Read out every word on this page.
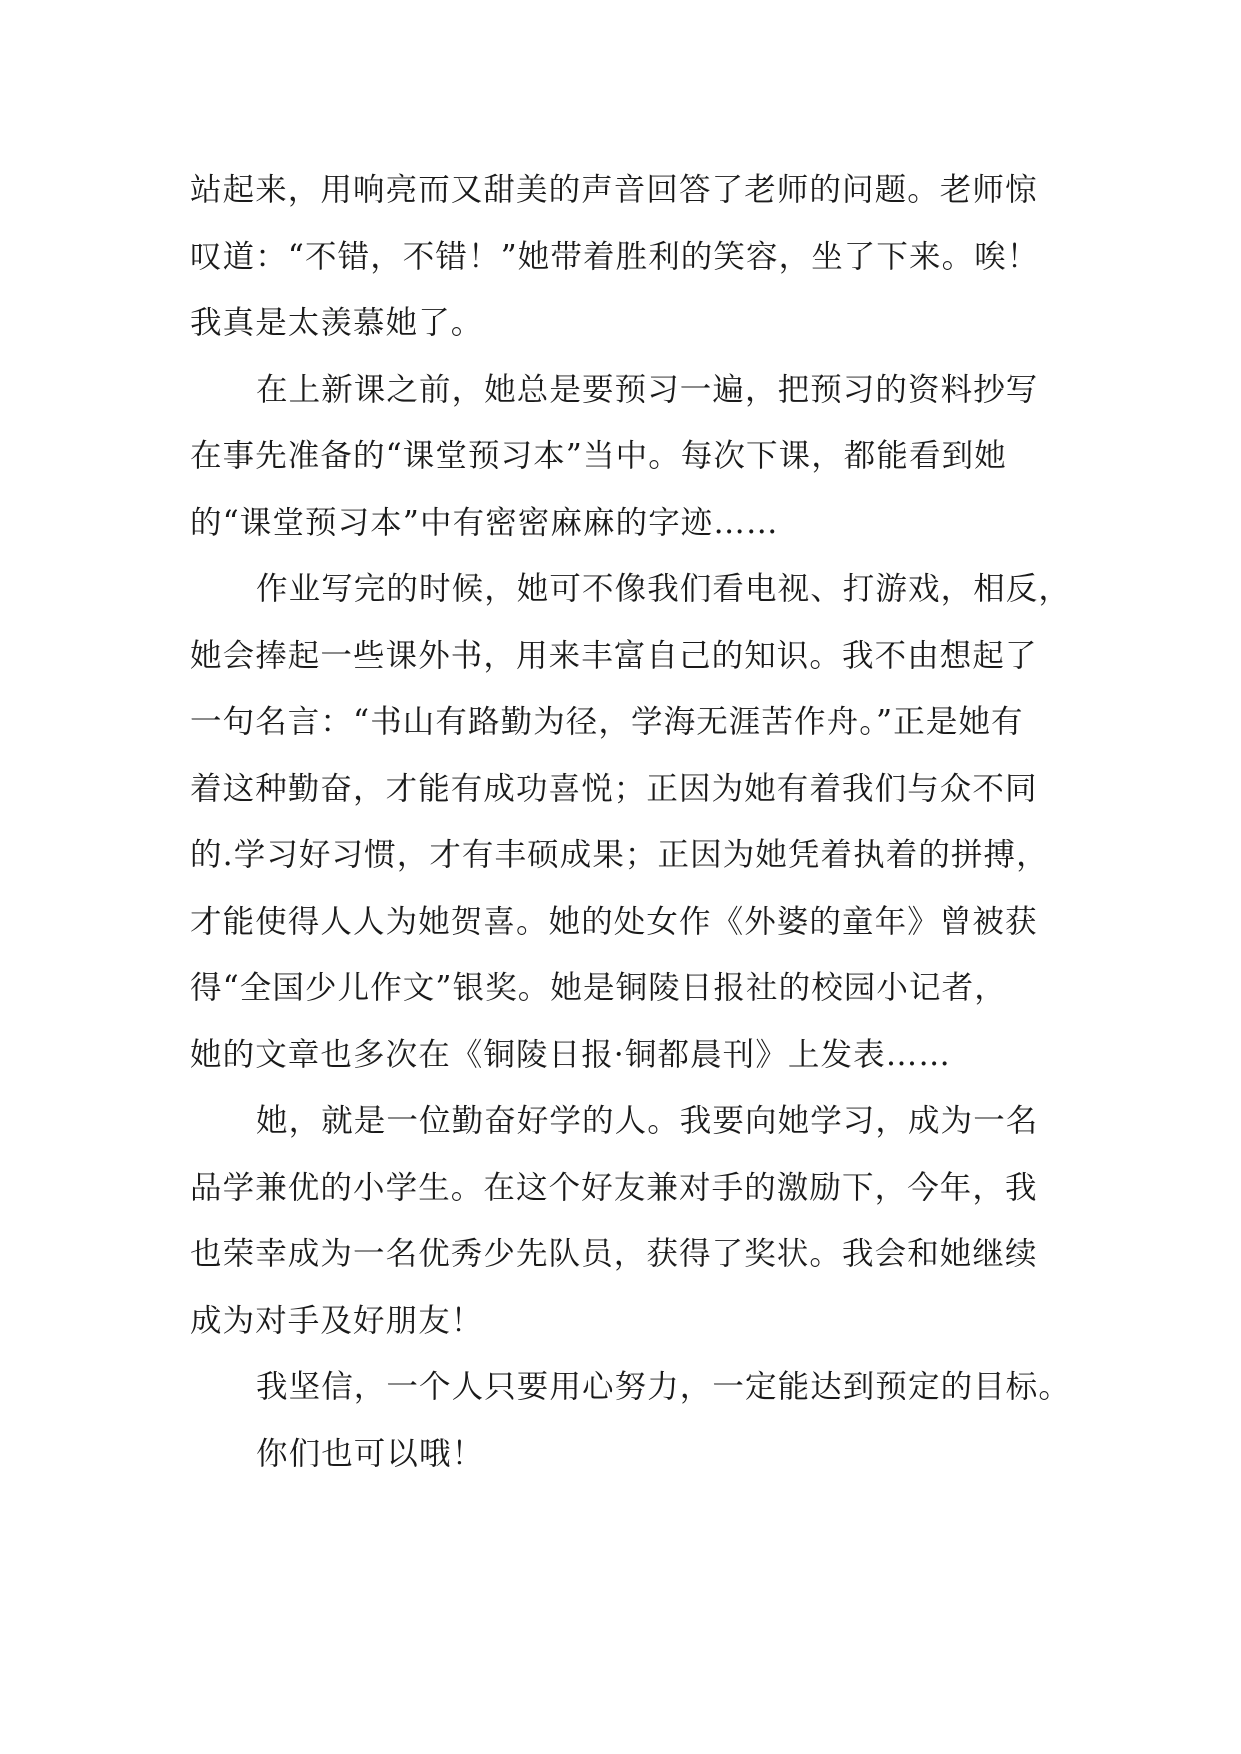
站起来，用响亮而又甜美的声音回答了老师的问题。老师惊
叹道：“不错，不错！”她带着胜利的笑容，坐了下来。唉！
我真是太羡慕她了。
在上新课之前，她总是要预习一遍，把预习的资料抄写
在事先准备的“课堂预习本”当中。每次下课，都能看到她
的“课堂预习本”中有密密麻麻的字迹……
作业写完的时候，她可不像我们看电视、打游戏，相反，
她会捧起一些课外书，用来丰富自己的知识。我不由想起了
一句名言：“书山有路勤为径，学海无涯苦作舟。”正是她有
着这种勤奋，才能有成功喜悦；正因为她有着我们与众不同
的.学习好习惯，才有丰硕成果；正因为她凭着执着的拼搏，
才能使得人人为她贺喜。她的处女作《外婆的童年》曾被获
得“全国少儿作文”银奖。她是铜陵日报社的校园小记者，
她的文章也多次在《铜陵日报·铜都晨刊》上发表……
她，就是一位勤奋好学的人。我要向她学习，成为一名
品学兼优的小学生。在这个好友兼对手的激励下，今年，我
也荣幸成为一名优秀少先队员，获得了奖状。我会和她继续
成为对手及好朋友！
我坚信，一个人只要用心努力，一定能达到预定的目标。
你们也可以哦！
